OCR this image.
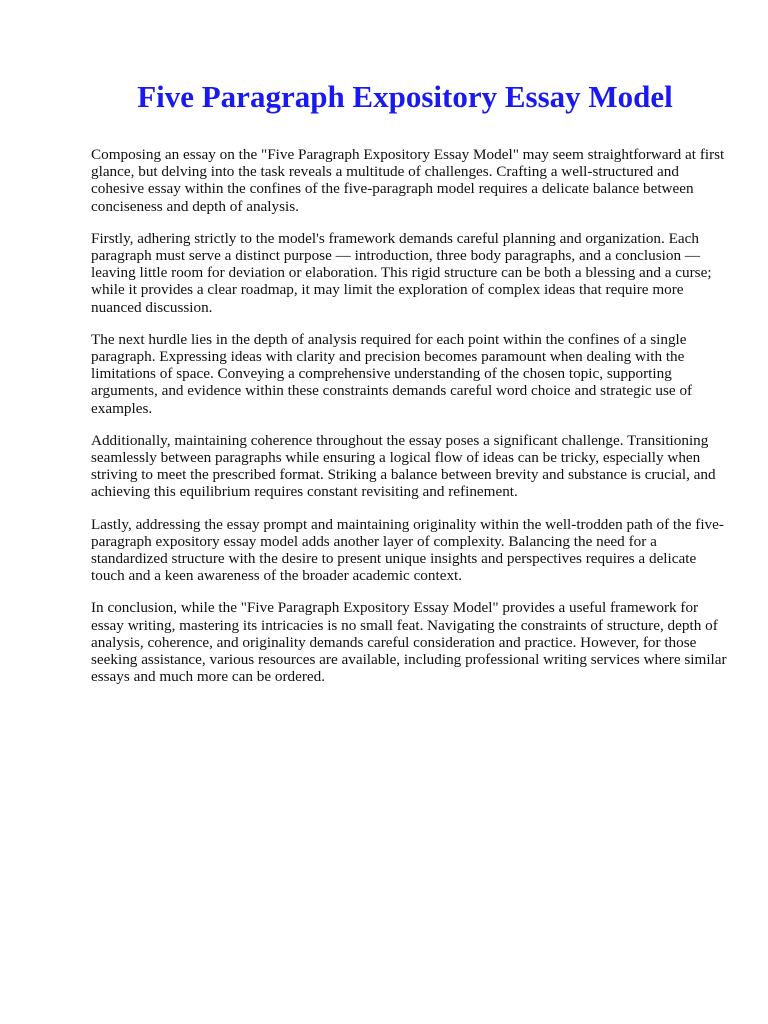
Five Paragraph Expository Essay Model

Composing an essay on the "Five Paragraph Expository Essay Model" may seem straightforward at first glance, but delving into the task reveals a multitude of challenges. Crafting a well-structured and cohesive essay within the confines of the five-paragraph model requires a delicate balance between conciseness and depth of analysis.

Firstly, adhering strictly to the model's framework demands careful planning and organization. Each paragraph must serve a distinct purpose — introduction, three body paragraphs, and a conclusion — leaving little room for deviation or elaboration. This rigid structure can be both a blessing and a curse; while it provides a clear roadmap, it may limit the exploration of complex ideas that require more nuanced discussion.

The next hurdle lies in the depth of analysis required for each point within the confines of a single paragraph. Expressing ideas with clarity and precision becomes paramount when dealing with the limitations of space. Conveying a comprehensive understanding of the chosen topic, supporting arguments, and evidence within these constraints demands careful word choice and strategic use of examples.

Additionally, maintaining coherence throughout the essay poses a significant challenge. Transitioning seamlessly between paragraphs while ensuring a logical flow of ideas can be tricky, especially when striving to meet the prescribed format. Striking a balance between brevity and substance is crucial, and achieving this equilibrium requires constant revisiting and refinement.

Lastly, addressing the essay prompt and maintaining originality within the well-trodden path of the five-paragraph expository essay model adds another layer of complexity. Balancing the need for a standardized structure with the desire to present unique insights and perspectives requires a delicate touch and a keen awareness of the broader academic context.

In conclusion, while the "Five Paragraph Expository Essay Model" provides a useful framework for essay writing, mastering its intricacies is no small feat. Navigating the constraints of structure, depth of analysis, coherence, and originality demands careful consideration and practice. However, for those seeking assistance, various resources are available, including professional writing services where similar essays and much more can be ordered.
